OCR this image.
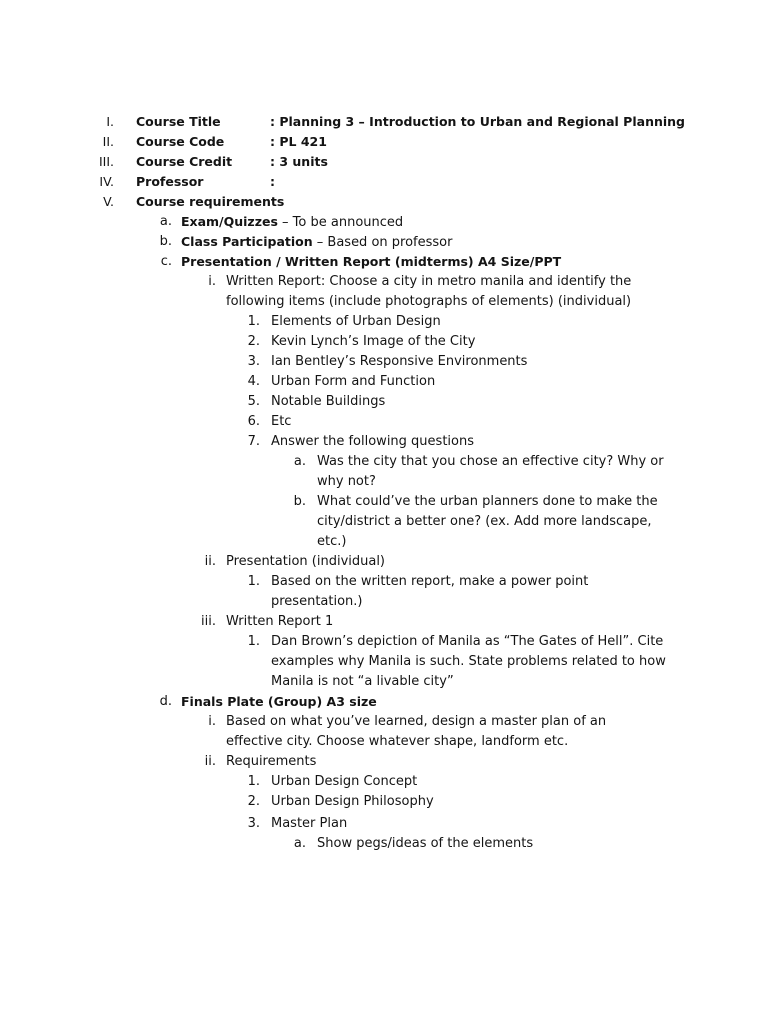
I. Course Title	: Planning 3 – Introduction to Urban and Regional Planning
II. Course Code	: PL 421
III. Course Credit	: 3 units
IV. Professor	:
V. Course requirements
a. Exam/Quizzes – To be announced
b. Class Participation – Based on professor
c. Presentation / Written Report (midterms) A4 Size/PPT
i. Written Report: Choose a city in metro manila and identify the
following items (include photographs of elements) (individual)
1. Elements of Urban Design
2. Kevin Lynch’s Image of the City
3. Ian Bentley’s Responsive Environments
4. Urban Form and Function
5. Notable Buildings
6. Etc
7. Answer the following questions
a. Was the city that you chose an effective city? Why or
why not?
b. What could’ve the urban planners done to make the
city/district a better one? (ex. Add more landscape,
etc.)
ii. Presentation (individual)
1. Based on the written report, make a power point
presentation.)
iii. Written Report 1
1. Dan Brown’s depiction of Manila as “The Gates of Hell”. Cite
examples why Manila is such. State problems related to how
Manila is not “a livable city”
d. Finals Plate (Group) A3 size
i. Based on what you’ve learned, design a master plan of an
effective city. Choose whatever shape, landform etc.
ii. Requirements
1. Urban Design Concept
2. Urban Design Philosophy
3. Master Plan
a. Show pegs/ideas of the elements
